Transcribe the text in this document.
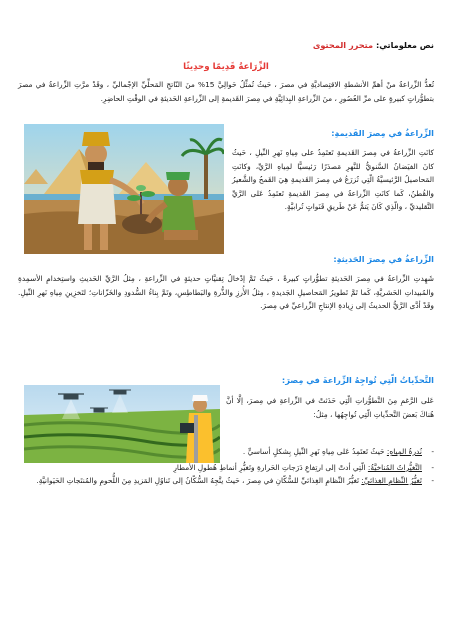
نص معلوماتي: متحرر المحتوى
الزِّرَاعةُ قَدِيمًا وحدِيثًا
تُعدُّ الزِّراعةُ منْ أهمِّ الأنشطةِ الاقتِصاديَّةِ في مصرَ ، حَيثُ تُمثِّلُ حَوالِيَّ 15% منَ النّاتجِ المَحلِّيِّ الإجْماليِّ ، وقَدْ مرَّتِ الزِّراعةُ في مصرَ بتطوُّراتٍ كبيرةٍ على مرِّ العُصُورِ ، منَ الزِّراعةِ البِدائِيَّةِ في مِصرَ القَديمةِ إلى الزِّراعةِ الحَديثةِ في الوقْتِ الحاضِرِ.
الزِّراعةُ في مِصرَ القَديمةِ:
كانَتِ الزِّراعةُ في مِصرَ القَديمةِ تَعتَمِدُ على مِياهِ نَهرِ النِّيلِ ، حَيثُ كانَ الفيَضانُ السَّنويُّ للنَّهرِ مَصدَرًا رَئيسيًّا لمِياهِ الرَّيِّ، وكانَتِ المَحاصيلُ الرَّئيسيَّةُ الّتِي تُزرَعُ في مِصرَ القَديمةِ هِيَ القَمحُ والشَّعيرُ والقُطنُ، كَما كانَتِ الزِّراعةُ في مِصرَ القَديمةِ تَعتَمِدُ عَلى الرَّيِّ التَّقليديِّ ، والّذِي كَانَ يَتمُّ عَنْ طَريقِ قَنَواتٍ تُرابيَّةٍ.
الزِّراعةُ في مِصرَ الحَديثةِ:
شَهِدتِ الزِّراعةُ في مِصرَ الحَديثةِ تطوُّراتٍ كبيرةً ، حَيثُ تَمَّ إدْخالُ تِقنيَّاتٍ حديثةٍ في الزِّراعةِ ، مِثلُ الرَّيِّ الحَديثِ واستِخدامِ الأسمِدةِ والمُبيداتِ الحَشريَّةِ، كَما تَمَّ تَطويرُ المَحاصيلِ الجَديدةِ ، مِثلُ الأُرزِ والذُّرةِ والبَطاطِسِ، وتَمَّ بِناءُ السُّدودِ والخَزّاناتِ؛ لتَخزِينِ مِياهِ نَهرِ النِّيلِ. وقَدْ أدَّى الرَّيُّ الحديثُ إلى زِيادةِ الإنتاجِ الزِّراعيِّ في مِصرَ.
التَّحدِّياتُ الّتِي تُواجِهُ الزِّراعةَ في مِصرَ:
عَلى الرَّغمِ مِنَ التَّطوُّراتِ الّتِي حَدَثتْ في الزِّراعةِ في مِصرَ، إلَّا أنَّ هُناكَ بَعضَ التَّحدِّياتِ الّتِي تُواجِهُها ، مِثلُ:
- نُدرةُ المِياهِ: حَيثُ تَعتَمِدُ عَلى مِياهِ نَهرِ النِّيلِ بِشكلٍ أساسيٍّ .
- التَّغيُّراتُ المُناخيَّةُ: الّتِي أدتْ إلى ارتِفاعِ دَرَجاتِ الحَرارةِ وتَغيُّرِ أنماطِ هُطولِ الأمطارِ
- تَغيُّرُ النِّظامِ الغِذائيِّ: تَغيُّرُ النِّظامِ الغِذائيِّ للسُّكّانِ في مِصرَ ، حَيثُ يتَّجِهُ السُّكّانُ إلى تَناوُلِ المَزيدِ مِنَ اللُّحومِ والمُنتَجاتِ الحَيَوانيَّةِ.
